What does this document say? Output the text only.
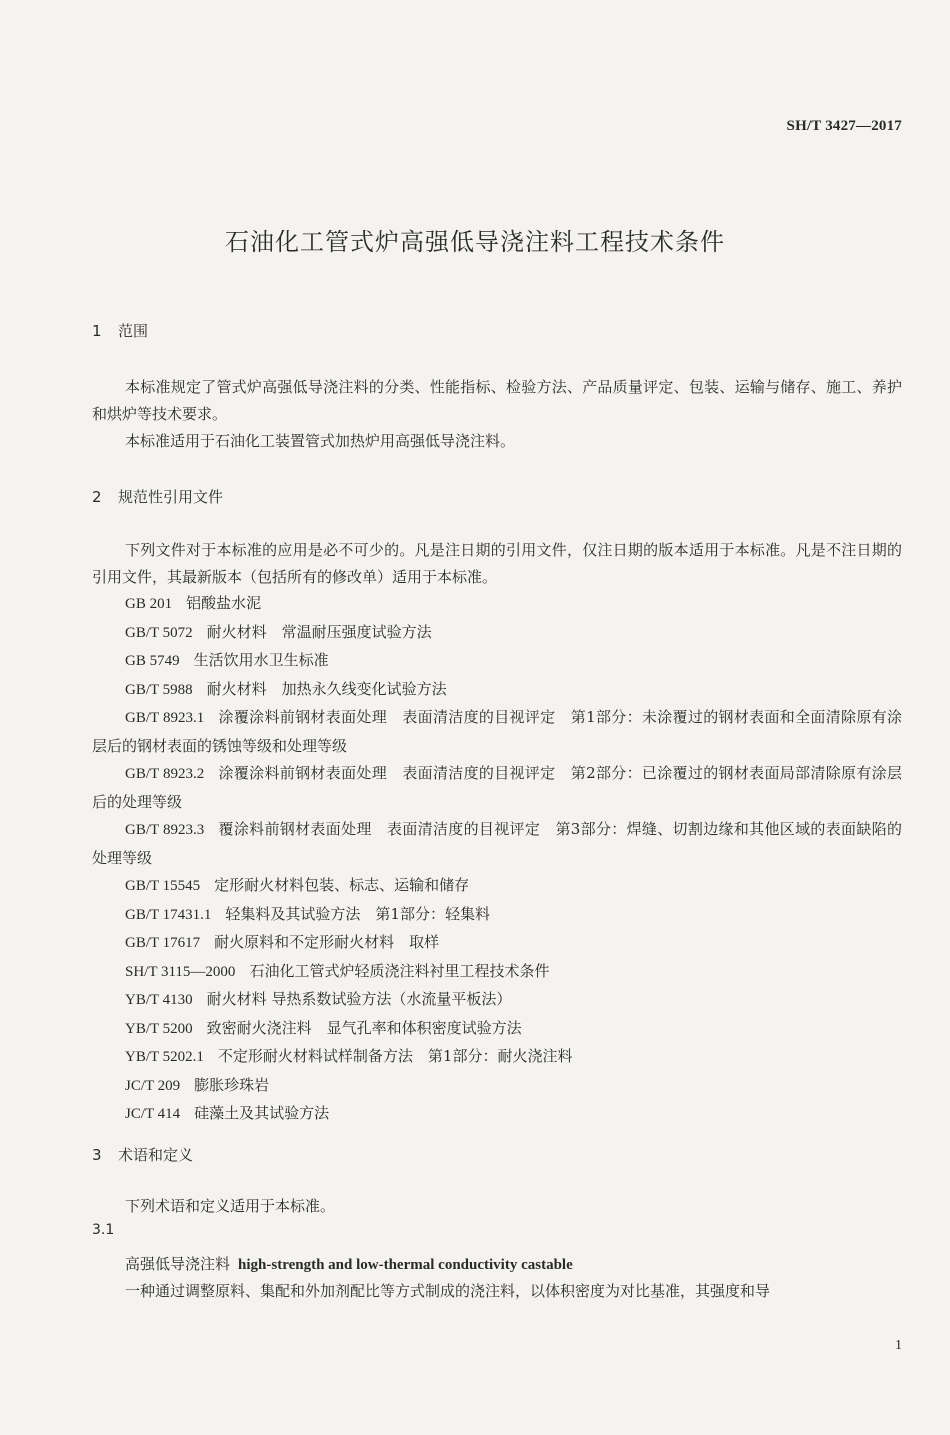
SH/T 3427—2017
石油化工管式炉高强低导浇注料工程技术条件
1 范围
本标准规定了管式炉高强低导浇注料的分类、性能指标、检验方法、产品质量评定、包装、运输与储存、施工、养护和烘炉等技术要求。
本标准适用于石油化工装置管式加热炉用高强低导浇注料。
2 规范性引用文件
下列文件对于本标准的应用是必不可少的。凡是注日期的引用文件，仅注日期的版本适用于本标准。凡是不注日期的引用文件，其最新版本（包括所有的修改单）适用于本标准。
GB 201 铝酸盐水泥
GB/T 5072 耐火材料　常温耐压强度试验方法
GB 5749 生活饮用水卫生标准
GB/T 5988 耐火材料　加热永久线变化试验方法
GB/T 8923.1 涂覆涂料前钢材表面处理　表面清洁度的目视评定　第1部分：未涂覆过的钢材表面和全面清除原有涂层后的钢材表面的锈蚀等级和处理等级
GB/T 8923.2 涂覆涂料前钢材表面处理　表面清洁度的目视评定　第2部分：已涂覆过的钢材表面局部清除原有涂层后的处理等级
GB/T 8923.3 覆涂料前钢材表面处理　表面清洁度的目视评定　第3部分：焊缝、切割边缘和其他区域的表面缺陷的处理等级
GB/T 15545 定形耐火材料包装、标志、运输和储存
GB/T 17431.1 轻集料及其试验方法　第1部分：轻集料
GB/T 17617 耐火原料和不定形耐火材料　取样
SH/T 3115—2000 石油化工管式炉轻质浇注料衬里工程技术条件
YB/T 4130 耐火材料 导热系数试验方法（水流量平板法）
YB/T 5200 致密耐火浇注料　显气孔率和体积密度试验方法
YB/T 5202.1 不定形耐火材料试样制备方法　第1部分：耐火浇注料
JC/T 209 膨胀珍珠岩
JC/T 414 硅藻土及其试验方法
3 术语和定义
下列术语和定义适用于本标准。
3.1
高强低导浇注料 high-strength and low-thermal conductivity castable
一种通过调整原料、集配和外加剂配比等方式制成的浇注料，以体积密度为对比基准，其强度和导
1
